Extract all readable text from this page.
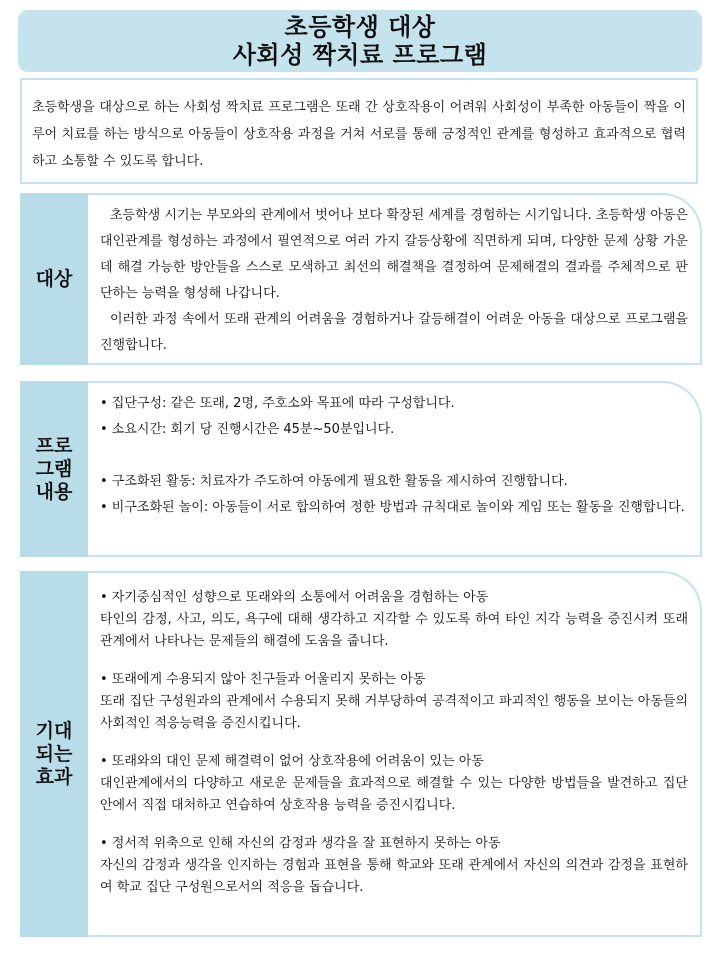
초등학생 대상
사회성 짝치료 프로그램

초등학생을 대상으로 하는 사회성 짝치료 프로그램은 또래 간 상호작용이 어려워 사회성이 부족한 아동들이 짝을 이루어 치료를 하는 방식으로 아동들이 상호작용 과정을 거쳐 서로를 통해 긍정적인 관계를 형성하고 효과적으로 협력하고 소통할 수 있도록 합니다.

대상

초등학생 시기는 부모와의 관계에서 벗어나 보다 확장된 세계를 경험하는 시기입니다. 초등학생 아동은 대인관계를 형성하는 과정에서 필연적으로 여러 가지 갈등상황에 직면하게 되며, 다양한 문제 상황 가운데 해결 가능한 방안들을 스스로 모색하고 최선의 해결책을 결정하여 문제해결의 결과를 주체적으로 판단하는 능력을 형성해 나갑니다.

이러한 과정 속에서 또래 관계의 어려움을 경험하거나 갈등해결이 어려운 아동을 대상으로 프로그램을 진행합니다.

프로
그램
내용

• 집단구성: 같은 또래, 2명, 주호소와 목표에 따라 구성합니다.

• 소요시간: 회기 당 진행시간은 45분~50분입니다.

• 구조화된 활동: 치료자가 주도하여 아동에게 필요한 활동을 제시하여 진행합니다.

• 비구조화된 놀이: 아동들이 서로 합의하여 정한 방법과 규칙대로 놀이와 게임 또는 활동을 진행합니다.

기대
되는
효과

• 자기중심적인 성향으로 또래와의 소통에서 어려움을 경험하는 아동

타인의 감정, 사고, 의도, 욕구에 대해 생각하고 지각할 수 있도록 하여 타인 지각 능력을 증진시켜 또래 관계에서 나타나는 문제들의 해결에 도움을 줍니다.

• 또래에게 수용되지 않아 친구들과 어울리지 못하는 아동

또래 집단 구성원과의 관계에서 수용되지 못해 거부당하여 공격적이고 파괴적인 행동을 보이는 아동들의 사회적인 적응능력을 증진시킵니다.

• 또래와의 대인 문제 해결력이 없어 상호작용에 어려움이 있는 아동

대인관계에서의 다양하고 새로운 문제들을 효과적으로 해결할 수 있는 다양한 방법들을 발견하고 집단 안에서 직접 대처하고 연습하여 상호작용 능력을 증진시킵니다.

• 정서적 위축으로 인해 자신의 감정과 생각을 잘 표현하지 못하는 아동

자신의 감정과 생각을 인지하는 경험과 표현을 통해 학교와 또래 관계에서 자신의 의견과 감정을 표현하여 학교 집단 구성원으로서의 적응을 돕습니다.
